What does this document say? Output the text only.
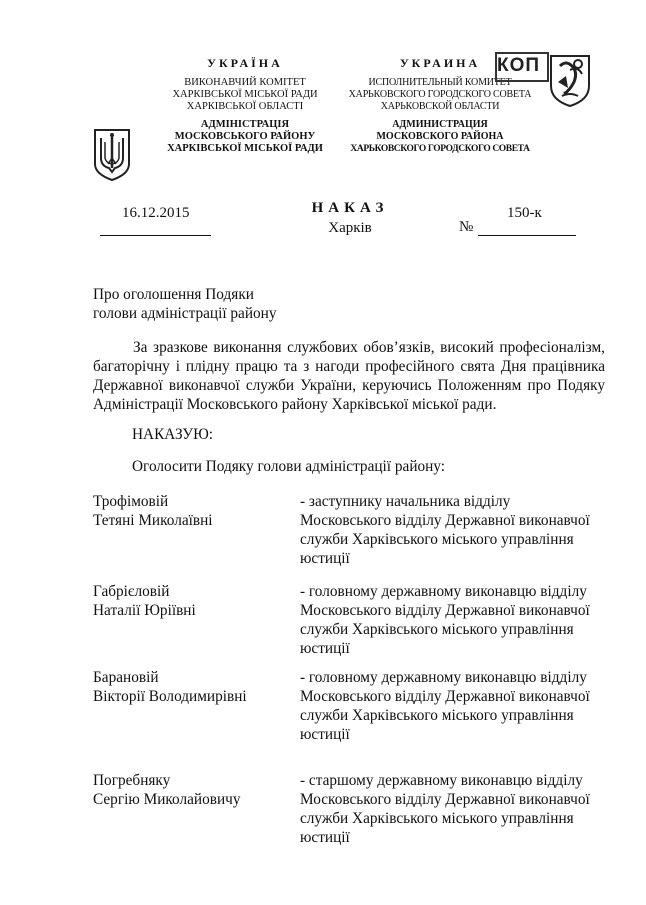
УКРАЇНА
ВИКОНАВЧИЙ КОМІТЕТ
ХАРКІВСЬКОЇ МІСЬКОЇ РАДИ
ХАРКІВСЬКОЇ ОБЛАСТІ
АДМІНІСТРАЦІЯ
МОСКОВСЬКОГО РАЙОНУ
ХАРКІВСЬКОЇ МІСЬКОЇ РАДИ
УКРАИНА
ИСПОЛНИТЕЛЬНЫЙ КОМИТЕТ
ХАРЬКОВСКОГО ГОРОДСКОГО СОВЕТА
ХАРЬКОВСКОЙ ОБЛАСТИ
АДМИНИСТРАЦИЯ
МОСКОВСКОГО РАЙОНА
ХАРЬКОВСКОГО ГОРОДСКОГО СОВЕТА
КОП
16.12.2015	НАКАЗ
Харків
150-к
№
Про оголошення Подяки
голови адміністрації району
За зразкове виконання службових обов’язків, високий професіоналізм, багаторічну і плідну працю та з нагоди професійного свята Дня працівника Державної виконавчої служби України, керуючись Положенням про Подяку Адміністрації Московського району Харківської міської ради.
НАКАЗУЮ:
Оголосити Подяку голови адміністрації району:
Трофімовій
Тетяні Миколаївні
- заступнику начальника відділу
Московського відділу Державної виконавчої
служби Харківського міського управління
юстиції
Габрієловій
Наталії Юріївні
- головному державному виконавцю відділу
Московського відділу Державної виконавчої
служби Харківського міського управління
юстиції
Барановій
Вікторії Володимирівні
- головному державному виконавцю відділу
Московського відділу Державної виконавчої
служби Харківського міського управління
юстиції
Погребняку
Сергію Миколайовичу
- старшому державному виконавцю відділу
Московського відділу Державної виконавчої
служби Харківського міського управління
юстиції
